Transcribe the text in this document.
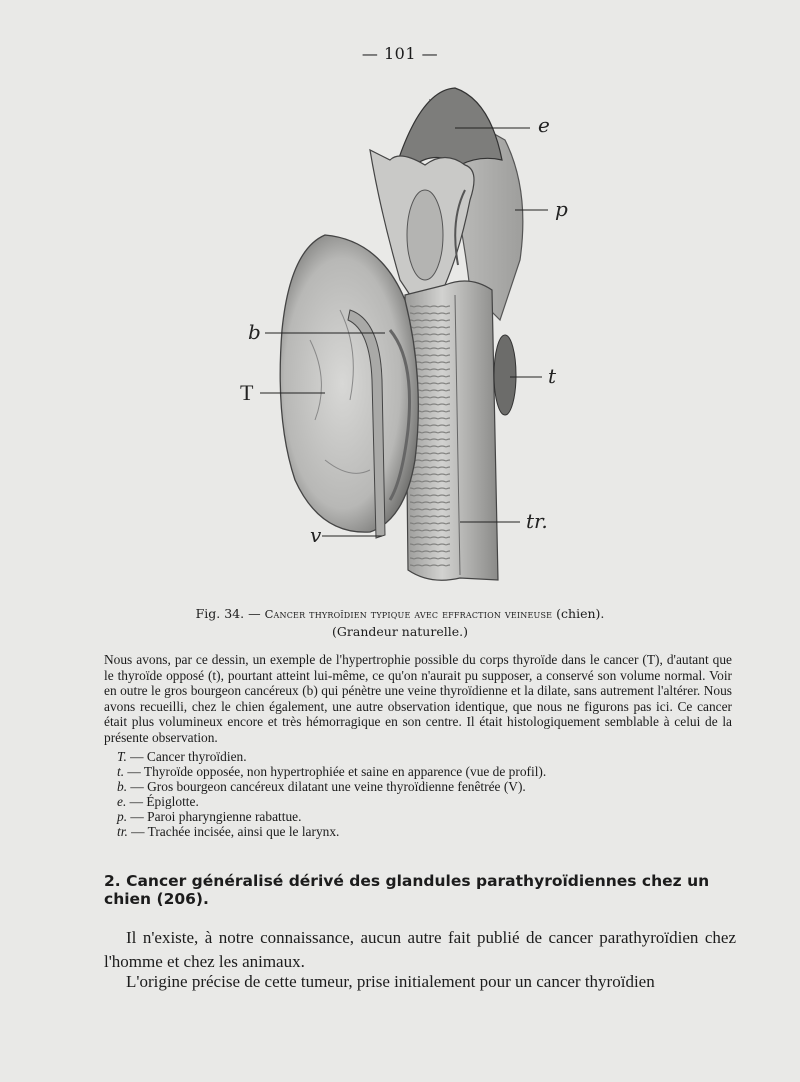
— 101 —
e
p
b
T
t
tr.
v
Fig. 34. — Cancer thyroïdien typique avec effraction veineuse (chien).
(Grandeur naturelle.)

Nous avons, par ce dessin, un exemple de l'hypertrophie possible du corps thyroïde dans le cancer (T), d'autant que le thyroïde opposé (t), pourtant atteint lui-même, ce qu'on n'aurait pu supposer, a conservé son volume normal. Voir en outre le gros bourgeon cancéreux (b) qui pénètre une veine thyroïdienne et la dilate, sans autrement l'altérer. Nous avons recueilli, chez le chien également, une autre observation identique, que nous ne figurons pas ici. Ce cancer était plus volumineux encore et très hémorragique en son centre. Il était histologiquement semblable à celui de la présente observation.

T. — Cancer thyroïdien.
t. — Thyroïde opposée, non hypertrophiée et saine en apparence (vue de profil).
b. — Gros bourgeon cancéreux dilatant une veine thyroïdienne fenêtrée (V).
e. — Épiglotte.
p. — Paroi pharyngienne rabattue.
tr. — Trachée incisée, ainsi que le larynx.
2. Cancer généralisé dérivé des glandules parathyroïdiennes chez un chien (206).
Il n'existe, à notre connaissance, aucun autre fait publié de cancer parathyroïdien chez l'homme et chez les animaux.
L'origine précise de cette tumeur, prise initialement pour un cancer thyroïdien
